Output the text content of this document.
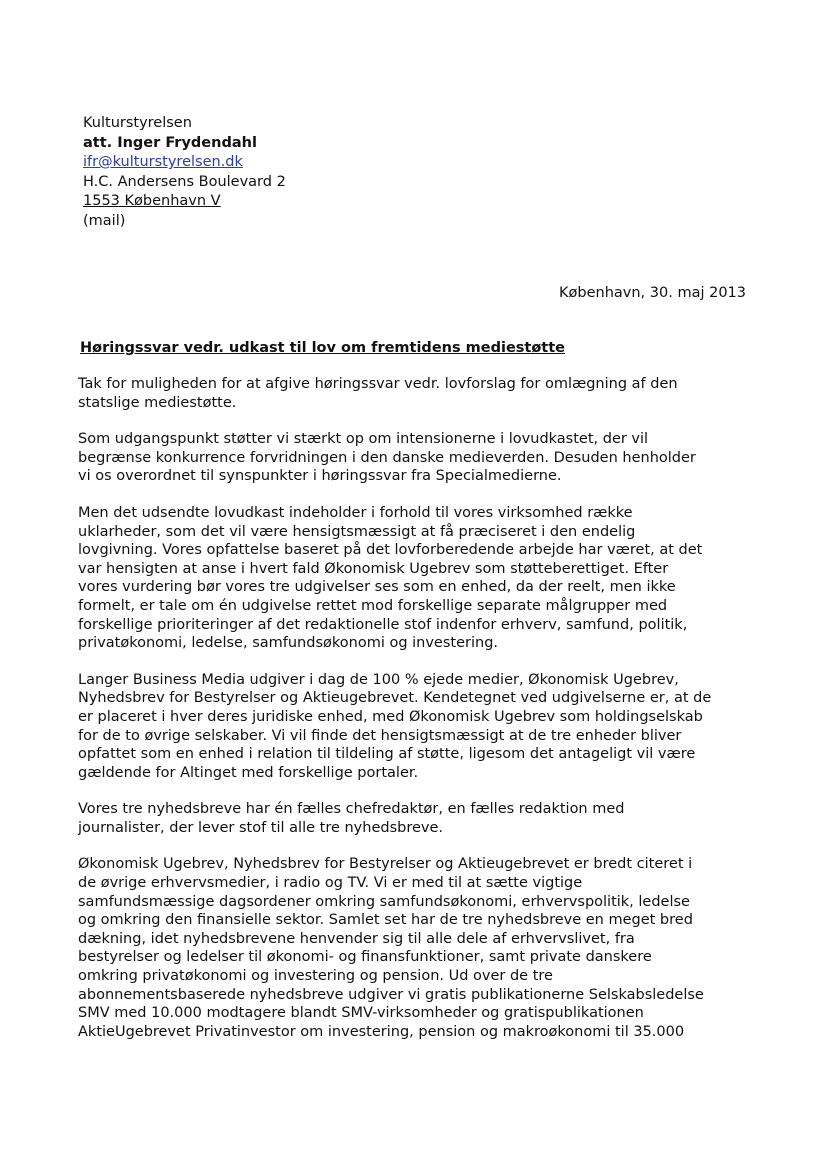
Kulturstyrelsen
att. Inger Frydendahl
ifr@kulturstyrelsen.dk
H.C. Andersens Boulevard 2
1553 København V
(mail)
København, 30. maj 2013
Høringssvar vedr. udkast til lov om fremtidens mediestøtte
Tak for muligheden for at afgive høringssvar vedr. lovforslag for omlægning af den
statslige mediestøtte.
Som udgangspunkt støtter vi stærkt op om intensionerne i lovudkastet, der vil
begrænse konkurrence forvridningen i den danske medieverden. Desuden henholder
vi os overordnet til synspunkter i høringssvar fra Specialmedierne.
Men det udsendte lovudkast indeholder i forhold til vores virksomhed række
uklarheder, som det vil være hensigtsmæssigt at få præciseret i den endelig
lovgivning. Vores opfattelse baseret på det lovforberedende arbejde har været, at det
var hensigten at anse i hvert fald Økonomisk Ugebrev som støtteberettiget. Efter
vores vurdering bør vores tre udgivelser ses som en enhed, da der reelt, men ikke
formelt, er tale om én udgivelse rettet mod forskellige separate målgrupper med
forskellige prioriteringer af det redaktionelle stof indenfor erhverv, samfund, politik,
privatøkonomi, ledelse, samfundsøkonomi og investering.
Langer Business Media udgiver i dag de 100 % ejede medier, Økonomisk Ugebrev,
Nyhedsbrev for Bestyrelser og Aktieugebrevet. Kendetegnet ved udgivelserne er, at de
er placeret i hver deres juridiske enhed, med Økonomisk Ugebrev som holdingselskab
for de to øvrige selskaber. Vi vil finde det hensigtsmæssigt at de tre enheder bliver
opfattet som en enhed i relation til tildeling af støtte, ligesom det antageligt vil være
gældende for Altinget med forskellige portaler.
Vores tre nyhedsbreve har én fælles chefredaktør, en fælles redaktion med
journalister, der lever stof til alle tre nyhedsbreve.
Økonomisk Ugebrev, Nyhedsbrev for Bestyrelser og Aktieugebrevet er bredt citeret i
de øvrige erhvervsmedier, i radio og TV. Vi er med til at sætte vigtige
samfundsmæssige dagsordener omkring samfundsøkonomi, erhvervspolitik, ledelse
og omkring den finansielle sektor. Samlet set har de tre nyhedsbreve en meget bred
dækning, idet nyhedsbrevene henvender sig til alle dele af erhvervslivet, fra
bestyrelser og ledelser til økonomi- og finansfunktioner, samt private danskere
omkring privatøkonomi og investering og pension. Ud over de tre
abonnementsbaserede nyhedsbreve udgiver vi gratis publikationerne Selskabsledelse
SMV med 10.000 modtagere blandt SMV-virksomheder og gratispublikationen
AktieUgebrevet Privatinvestor om investering, pension og makroøkonomi til 35.000
